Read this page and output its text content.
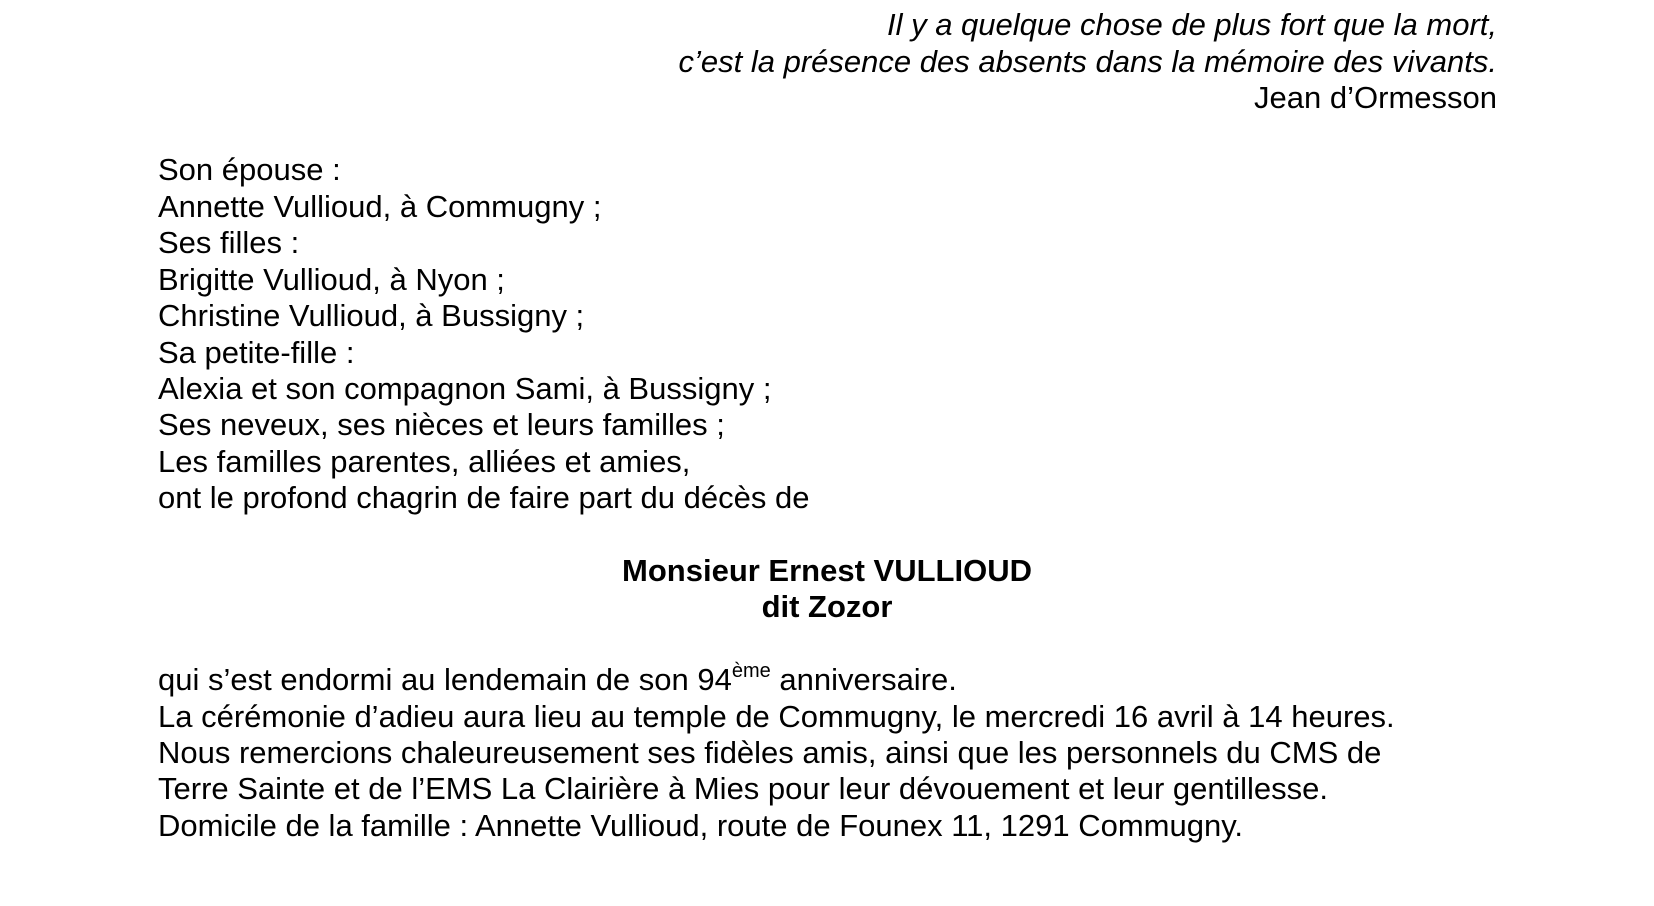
Il y a quelque chose de plus fort que la mort,
c’est la présence des absents dans la mémoire des vivants.
Jean d’Ormesson
Son épouse :
Annette Vullioud, à Commugny ;
Ses filles :
Brigitte Vullioud, à Nyon ;
Christine Vullioud, à Bussigny ;
Sa petite-fille :
Alexia et son compagnon Sami, à Bussigny ;
Ses neveux, ses nièces et leurs familles ;
Les familles parentes, alliées et amies,
ont le profond chagrin de faire part du décès de
Monsieur Ernest VULLIOUD
dit Zozor
qui s’est endormi au lendemain de son 94ème anniversaire.
La cérémonie d’adieu aura lieu au temple de Commugny, le mercredi 16 avril à 14 heures.
Nous remercions chaleureusement ses fidèles amis, ainsi que les personnels du CMS de
Terre Sainte et de l’EMS La Clairière à Mies pour leur dévouement et leur gentillesse.
Domicile de la famille : Annette Vullioud, route de Founex 11, 1291 Commugny.
